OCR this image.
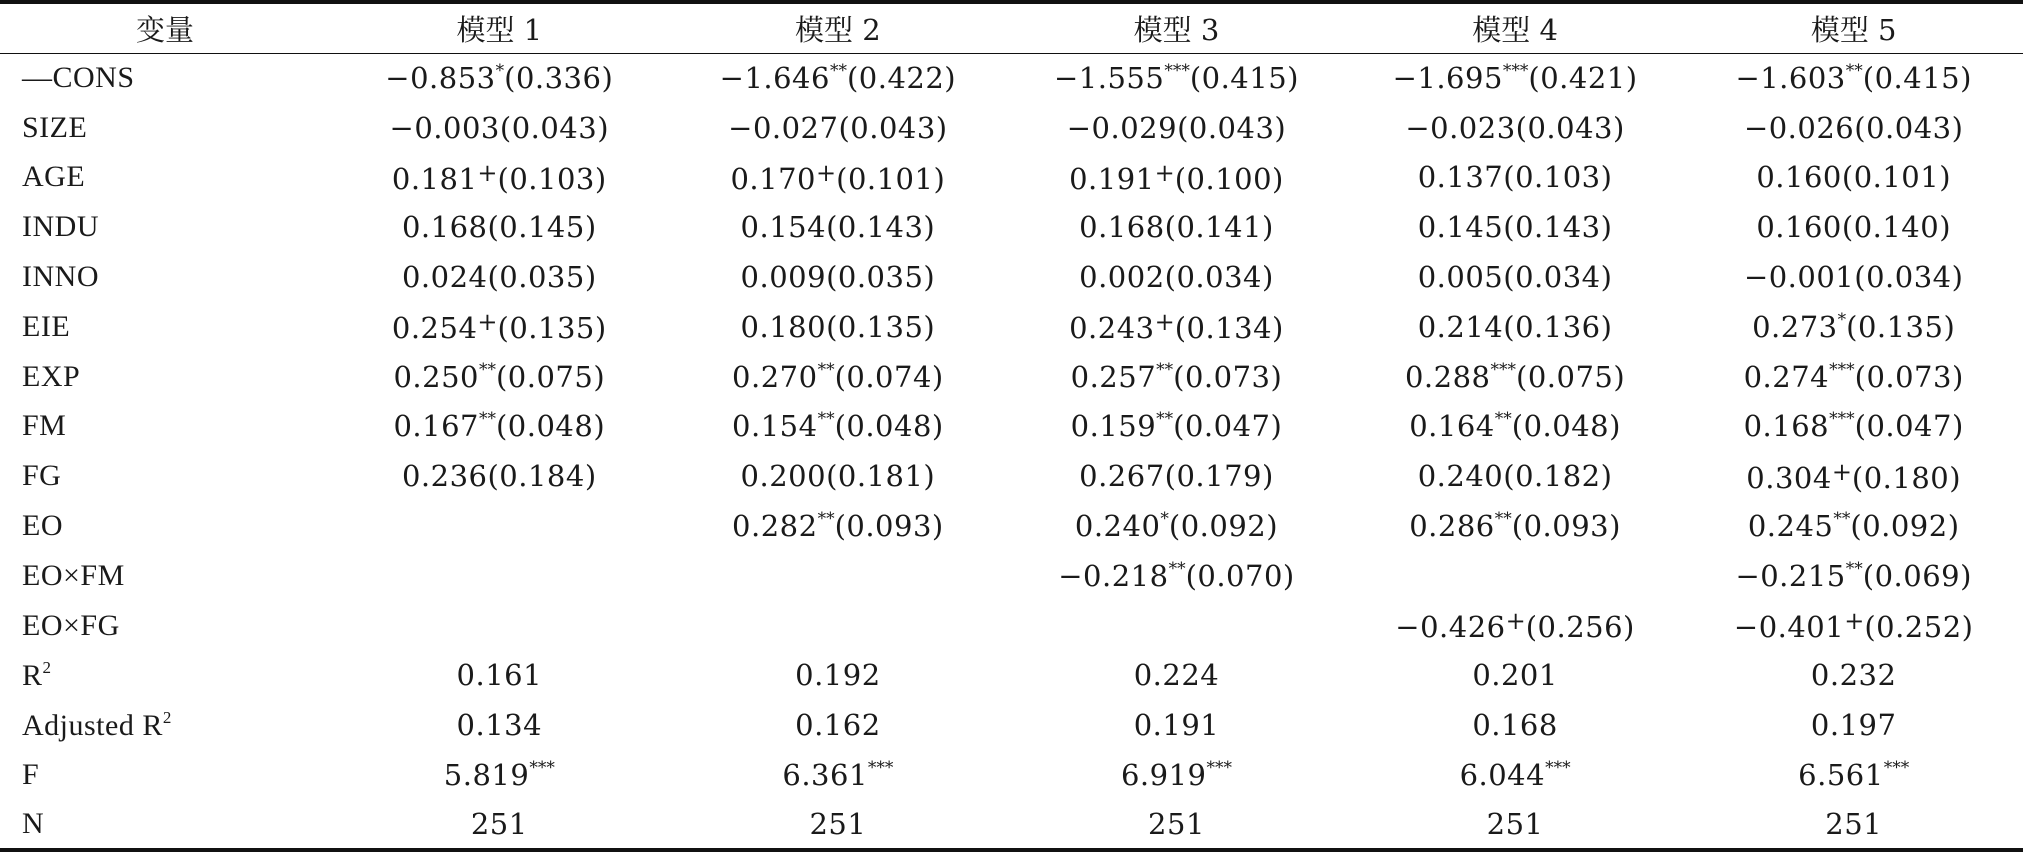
变量	模型 1	模型 2	模型 3	模型 4	模型 5
—CONS	−0.853*(0.336)	−1.646**(0.422)	−1.555***(0.415)	−1.695***(0.421)	−1.603**(0.415)
SIZE	−0.003(0.043)	−0.027(0.043)	−0.029(0.043)	−0.023(0.043)	−0.026(0.043)
AGE	0.181+(0.103)	0.170+(0.101)	0.191+(0.100)	0.137(0.103)	0.160(0.101)
INDU	0.168(0.145)	0.154(0.143)	0.168(0.141)	0.145(0.143)	0.160(0.140)
INNO	0.024(0.035)	0.009(0.035)	0.002(0.034)	0.005(0.034)	−0.001(0.034)
EIE	0.254+(0.135)	0.180(0.135)	0.243+(0.134)	0.214(0.136)	0.273*(0.135)
EXP	0.250**(0.075)	0.270**(0.074)	0.257**(0.073)	0.288***(0.075)	0.274***(0.073)
FM	0.167**(0.048)	0.154**(0.048)	0.159**(0.047)	0.164**(0.048)	0.168***(0.047)
FG	0.236(0.184)	0.200(0.181)	0.267(0.179)	0.240(0.182)	0.304+(0.180)
EO		0.282**(0.093)	0.240*(0.092)	0.286**(0.093)	0.245**(0.092)
EO×FM			−0.218**(0.070)		−0.215**(0.069)
EO×FG				−0.426+(0.256)	−0.401+(0.252)
$R^2$	0.161	0.192	0.224	0.201	0.232
Adjusted $R^2$	0.134	0.162	0.191	0.168	0.197
F	5.819***	6.361***	6.919***	6.044***	6.561***
N	251	251	251	251	251
